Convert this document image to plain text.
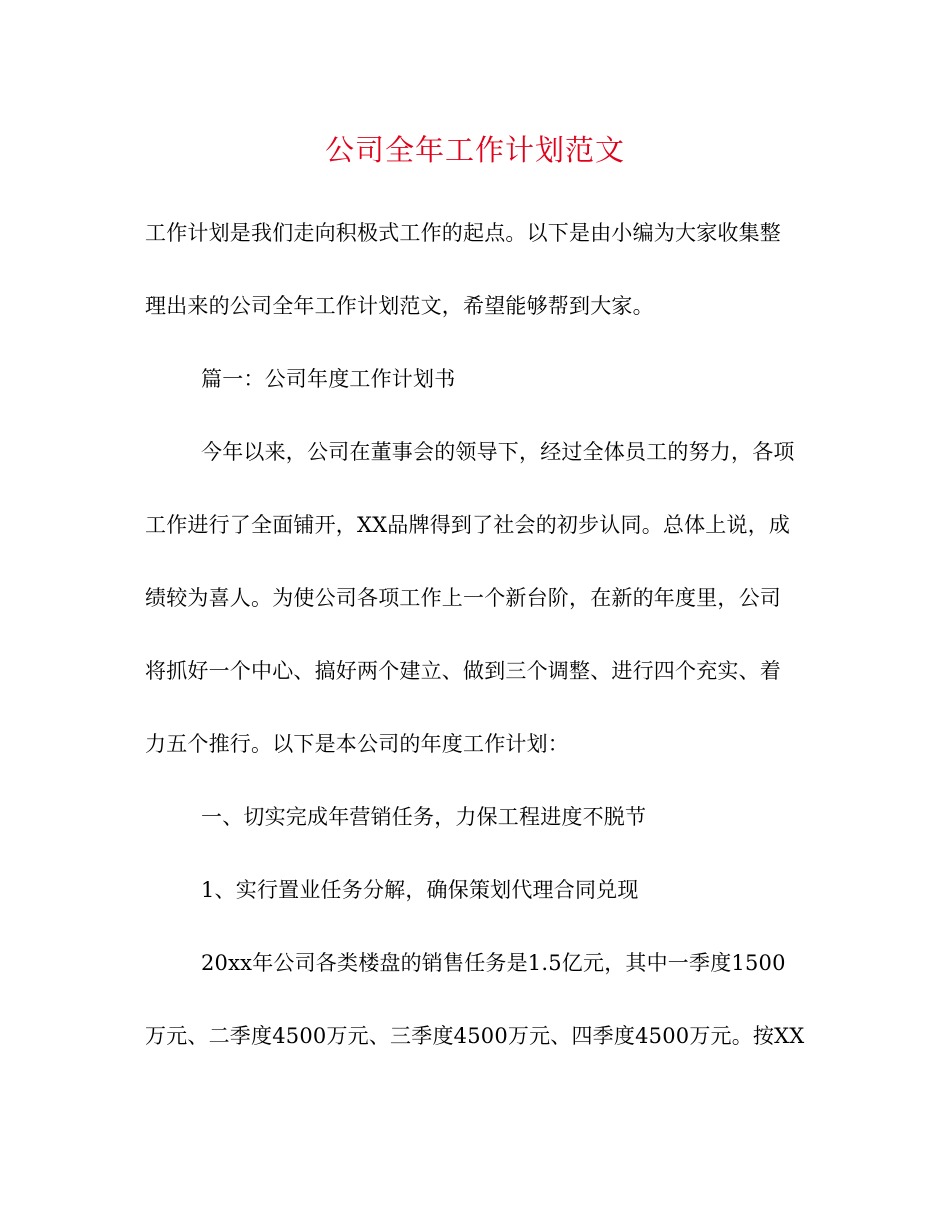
公司全年工作计划范文
工作计划是我们走向积极式工作的起点。以下是由小编为大家收集整
理出来的公司全年工作计划范文，希望能够帮到大家。
篇一：公司年度工作计划书
今年以来，公司在董事会的领导下，经过全体员工的努力，各项
工作进行了全面铺开，XX品牌得到了社会的初步认同。总体上说，成
绩较为喜人。为使公司各项工作上一个新台阶，在新的年度里，公司
将抓好一个中心、搞好两个建立、做到三个调整、进行四个充实、着
力五个推行。以下是本公司的年度工作计划：
一、切实完成年营销任务，力保工程进度不脱节
1、实行置业任务分解，确保策划代理合同兑现
20xx年公司各类楼盘的销售任务是1.5亿元，其中一季度1500
万元、二季度4500万元、三季度4500万元、四季度4500万元。按XX
